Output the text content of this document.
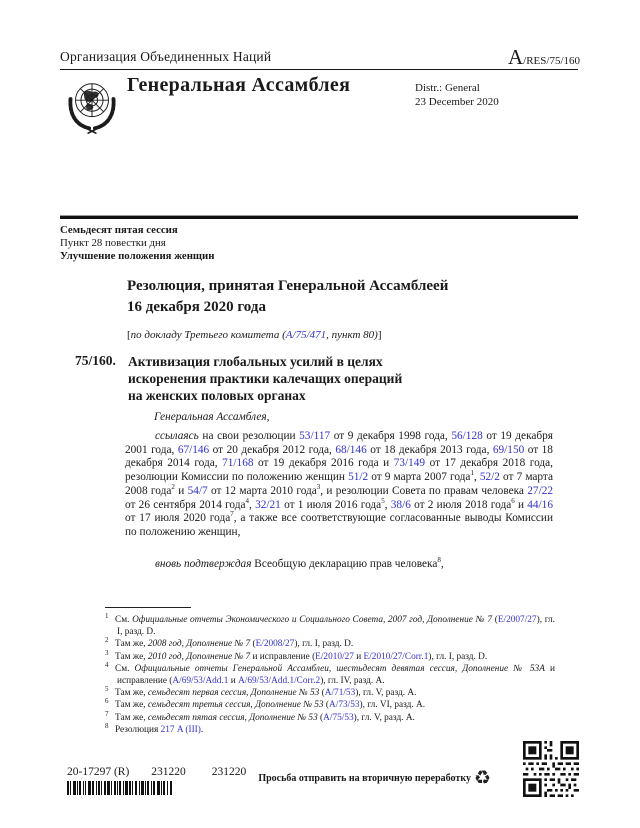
Организация Объединенных Наций	A/RES/75/160
Генеральная Ассамблея	Distr.: General
23 December 2020
Семьдесят пятая сессия
Пункт 28 повестки дня
Улучшение положения женщин
Резолюция, принятая Генеральной Ассамблеей
16 декабря 2020 года
[по докладу Третьего комитета (A/75/471, пункт 80)]
75/160. Активизация глобальных усилий в целях
искоренения практики калечащих операций
на женских половых органах
Генеральная Ассамблея,

ссылаясь на свои резолюции 53/117 от 9 декабря 1998 года, 56/128 от 19 декабря 2001 года, 67/146 от 20 декабря 2012 года, 68/146 от 18 декабря 2013 года, 69/150 от 18 декабря 2014 года, 71/168 от 19 декабря 2016 года и 73/149 от 17 декабря 2018 года, резолюции Комиссии по положению женщин 51/2 от 9 марта 2007 года$^1$, 52/2 от 7 марта 2008 года$^2$ и 54/7 от 12 марта 2010 года$^3$, и резолюции Совета по правам человека 27/22 от 26 сентября 2014 года$^4$, 32/21 от 1 июля 2016 года$^5$, 38/6 от 2 июля 2018 года$^6$ и 44/16 от 17 июля 2020 года$^7$, а также все соответствующие согласованные выводы Комиссии по положению женщин,

вновь подтверждая Всеобщую декларацию прав человека$^8$,

$^1$ См. Официальные отчеты Экономического и Социального Совета, 2007 год, Дополнение № 7 (E/2007/27), гл. I, разд. D.
$^2$ Там же, 2008 год, Дополнение № 7 (E/2008/27), гл. I, разд. D.
$^3$ Там же, 2010 год, Дополнение № 7 и исправление (E/2010/27 и E/2010/27/Corr.1), гл. I, разд. D.
$^4$ См. Официальные отчеты Генеральной Ассамблеи, шестьдесят девятая сессия, Дополнение № 53A и исправление (A/69/53/Add.1 и A/69/53/Add.1/Corr.2), гл. IV, разд. A.
$^5$ Там же, семьдесят первая сессия, Дополнение № 53 (A/71/53), гл. V, разд. A.
$^6$ Там же, семьдесят третья сессия, Дополнение № 53 (A/73/53), гл. VI, разд. A.
$^7$ Там же, семьдесят пятая сессия, Дополнение № 53 (A/75/53), гл. V, разд. A.
$^8$ Резолюция 217 A (III).
20-17297 (R) 231220 231220
Просьба отправить на вторичную переработку ♻
